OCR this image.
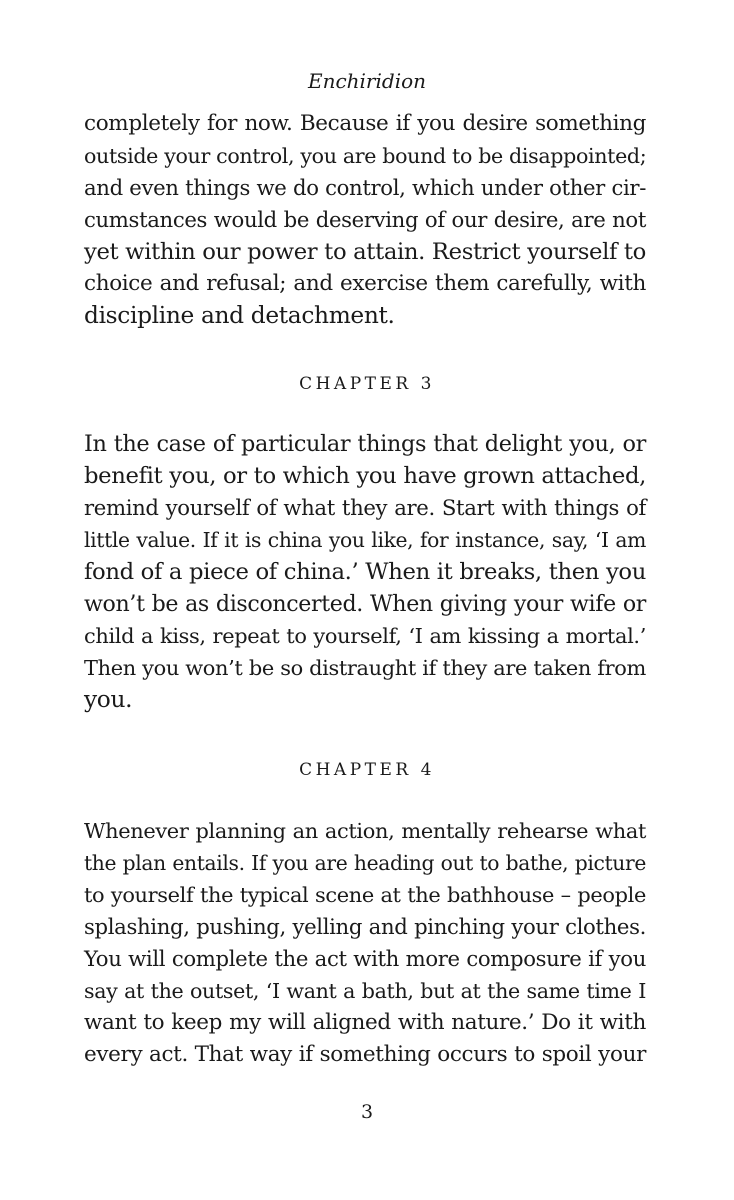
Enchiridion
completely for now. Because if you desire something
outside your control, you are bound to be disappointed;
and even things we do control, which under other cir-
cumstances would be deserving of our desire, are not
yet within our power to attain. Restrict yourself to
choice and refusal; and exercise them carefully, with
discipline and detachment.
CHAPTER 3
In the case of particular things that delight you, or
benefit you, or to which you have grown attached,
remind yourself of what they are. Start with things of
little value. If it is china you like, for instance, say, ‘I am
fond of a piece of china.’ When it breaks, then you
won’t be as disconcerted. When giving your wife or
child a kiss, repeat to yourself, ‘I am kissing a mortal.’
Then you won’t be so distraught if they are taken from
you.
CHAPTER 4
Whenever planning an action, mentally rehearse what
the plan entails. If you are heading out to bathe, picture
to yourself the typical scene at the bathhouse – people
splashing, pushing, yelling and pinching your clothes.
You will complete the act with more composure if you
say at the outset, ‘I want a bath, but at the same time I
want to keep my will aligned with nature.’ Do it with
every act. That way if something occurs to spoil your
3
